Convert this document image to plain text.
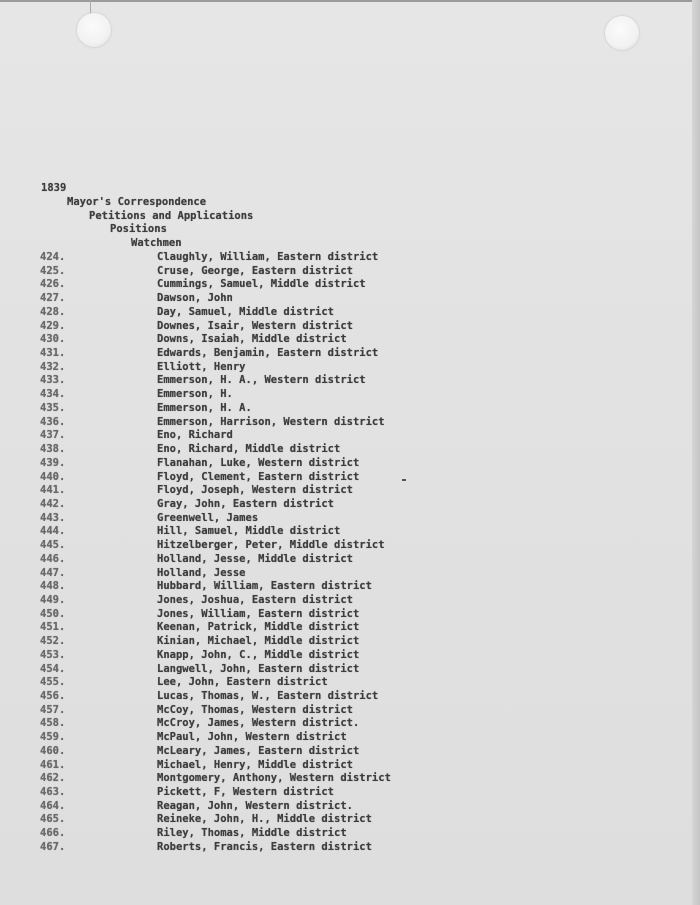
1839
Mayor's Correspondence
Petitions and Applications
Positions
Watchmen
424.	Claughly, William, Eastern district
425.	Cruse, George, Eastern district
426.	Cummings, Samuel, Middle district
427.	Dawson, John
428.	Day, Samuel, Middle district
429.	Downes, Isair, Western district
430.	Downs, Isaiah, Middle district
431.	Edwards, Benjamin, Eastern district
432.	Elliott, Henry
433.	Emmerson, H. A., Western district
434.	Emmerson, H.
435.	Emmerson, H. A.
436.	Emmerson, Harrison, Western district
437.	Eno, Richard
438.	Eno, Richard, Middle district
439.	Flanahan, Luke, Western district
440.	Floyd, Clement, Eastern district
441.	Floyd, Joseph, Western district
442.	Gray, John, Eastern district
443.	Greenwell, James
444.	Hill, Samuel, Middle district
445.	Hitzelberger, Peter, Middle district
446.	Holland, Jesse, Middle district
447.	Holland, Jesse
448.	Hubbard, William, Eastern district
449.	Jones, Joshua, Eastern district
450.	Jones, William, Eastern district
451.	Keenan, Patrick, Middle district
452.	Kinian, Michael, Middle district
453.	Knapp, John, C., Middle district
454.	Langwell, John, Eastern district
455.	Lee, John, Eastern district
456.	Lucas, Thomas, W., Eastern district
457.	McCoy, Thomas, Western district
458.	McCroy, James, Western district.
459.	McPaul, John, Western district
460.	McLeary, James, Eastern district
461.	Michael, Henry, Middle district
462.	Montgomery, Anthony, Western district
463.	Pickett, F, Western district
464.	Reagan, John, Western district.
465.	Reineke, John, H., Middle district
466.	Riley, Thomas, Middle district
467.	Roberts, Francis, Eastern district
